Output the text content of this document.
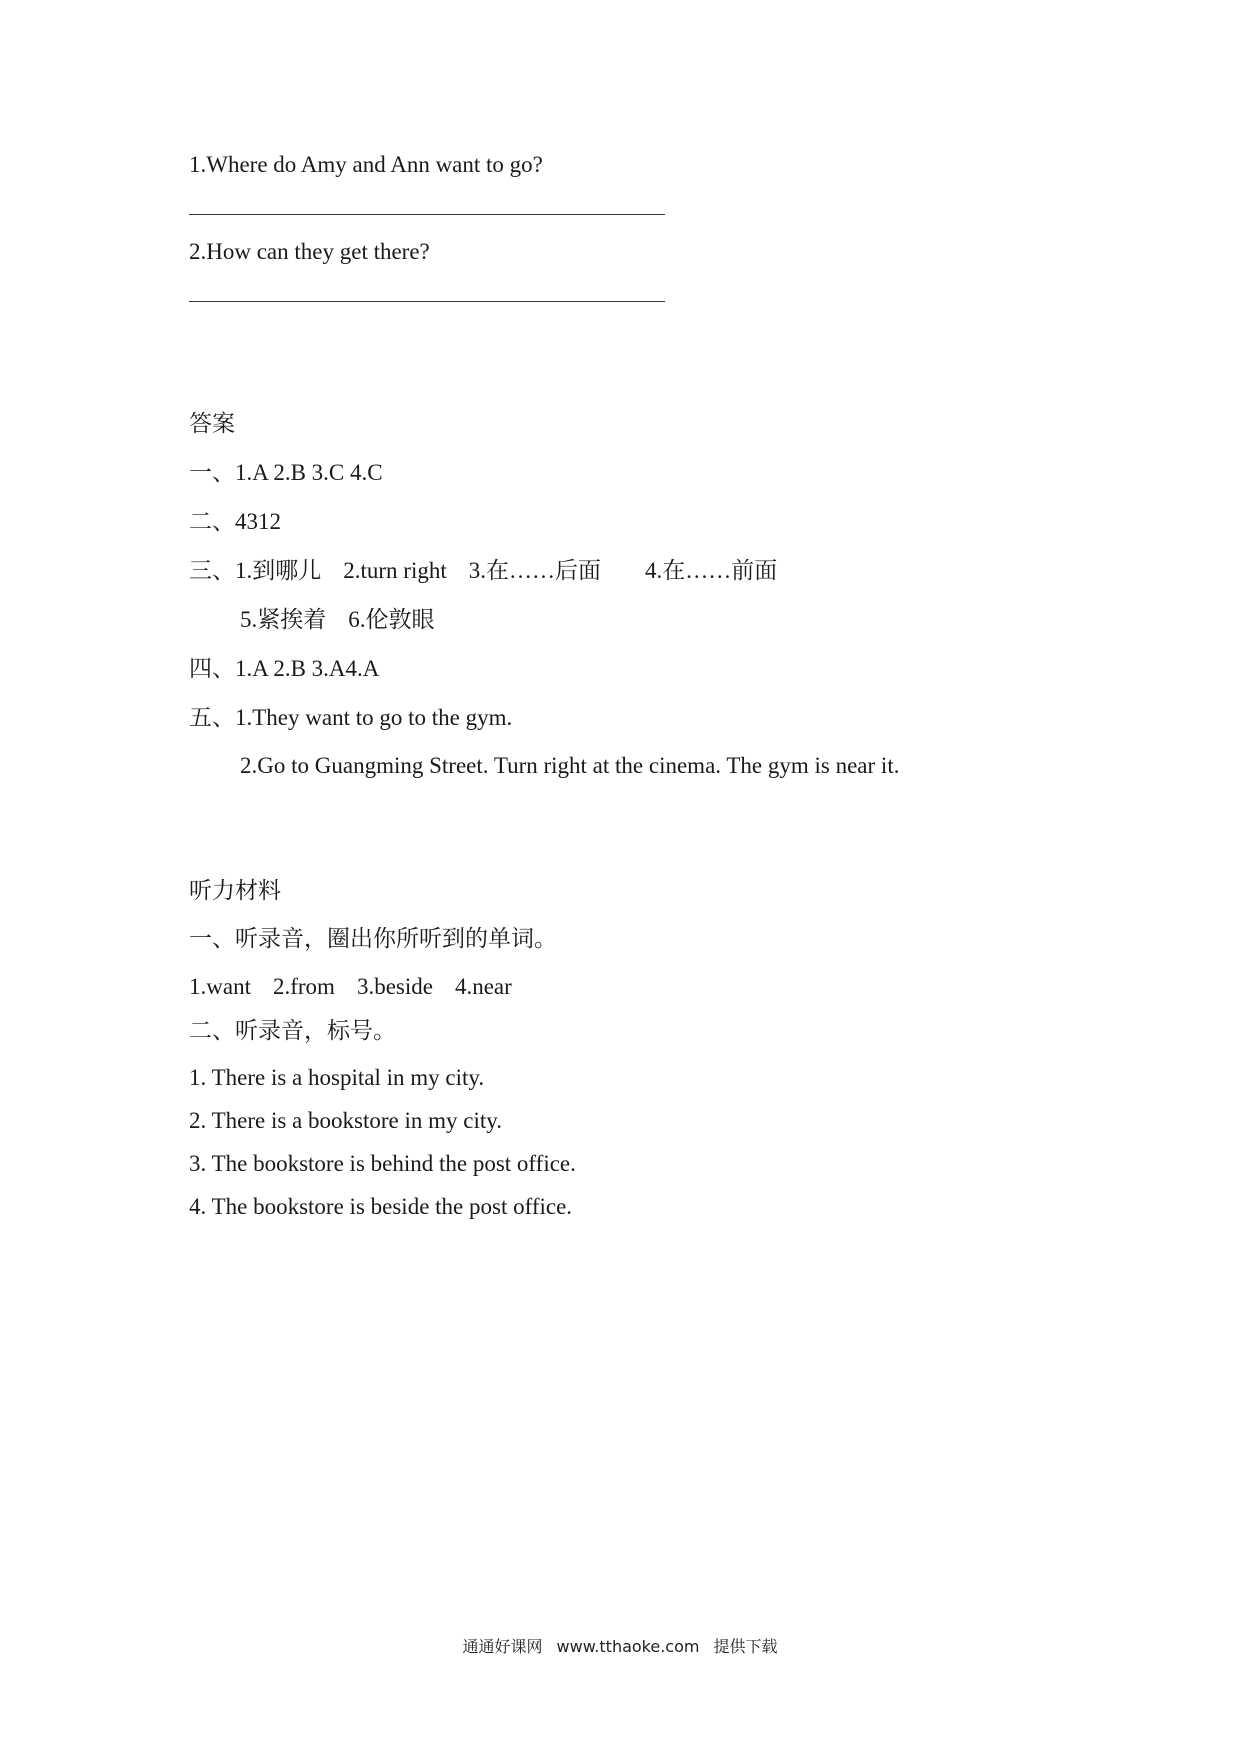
1.Where do Amy and Ann want to go?
2.How can they get there?
答案
一、1.A 2.B 3.C 4.C
二、4312
三、1.到哪儿 2.turn right 3.在……后面 4.在……前面
5.紧挨着 6.伦敦眼
四、1.A 2.B 3.A4.A
五、1.They want to go to the gym.
2.Go to Guangming Street. Turn right at the cinema. The gym is near it.
听力材料
一、听录音，圈出你所听到的单词。
1.want 2.from 3.beside 4.near
二、听录音，标号。
1. There is a hospital in my city.
2. There is a bookstore in my city.
3. The bookstore is behind the post office.
4. The bookstore is beside the post office.
通通好课网 www.tthaoke.com 提供下载
